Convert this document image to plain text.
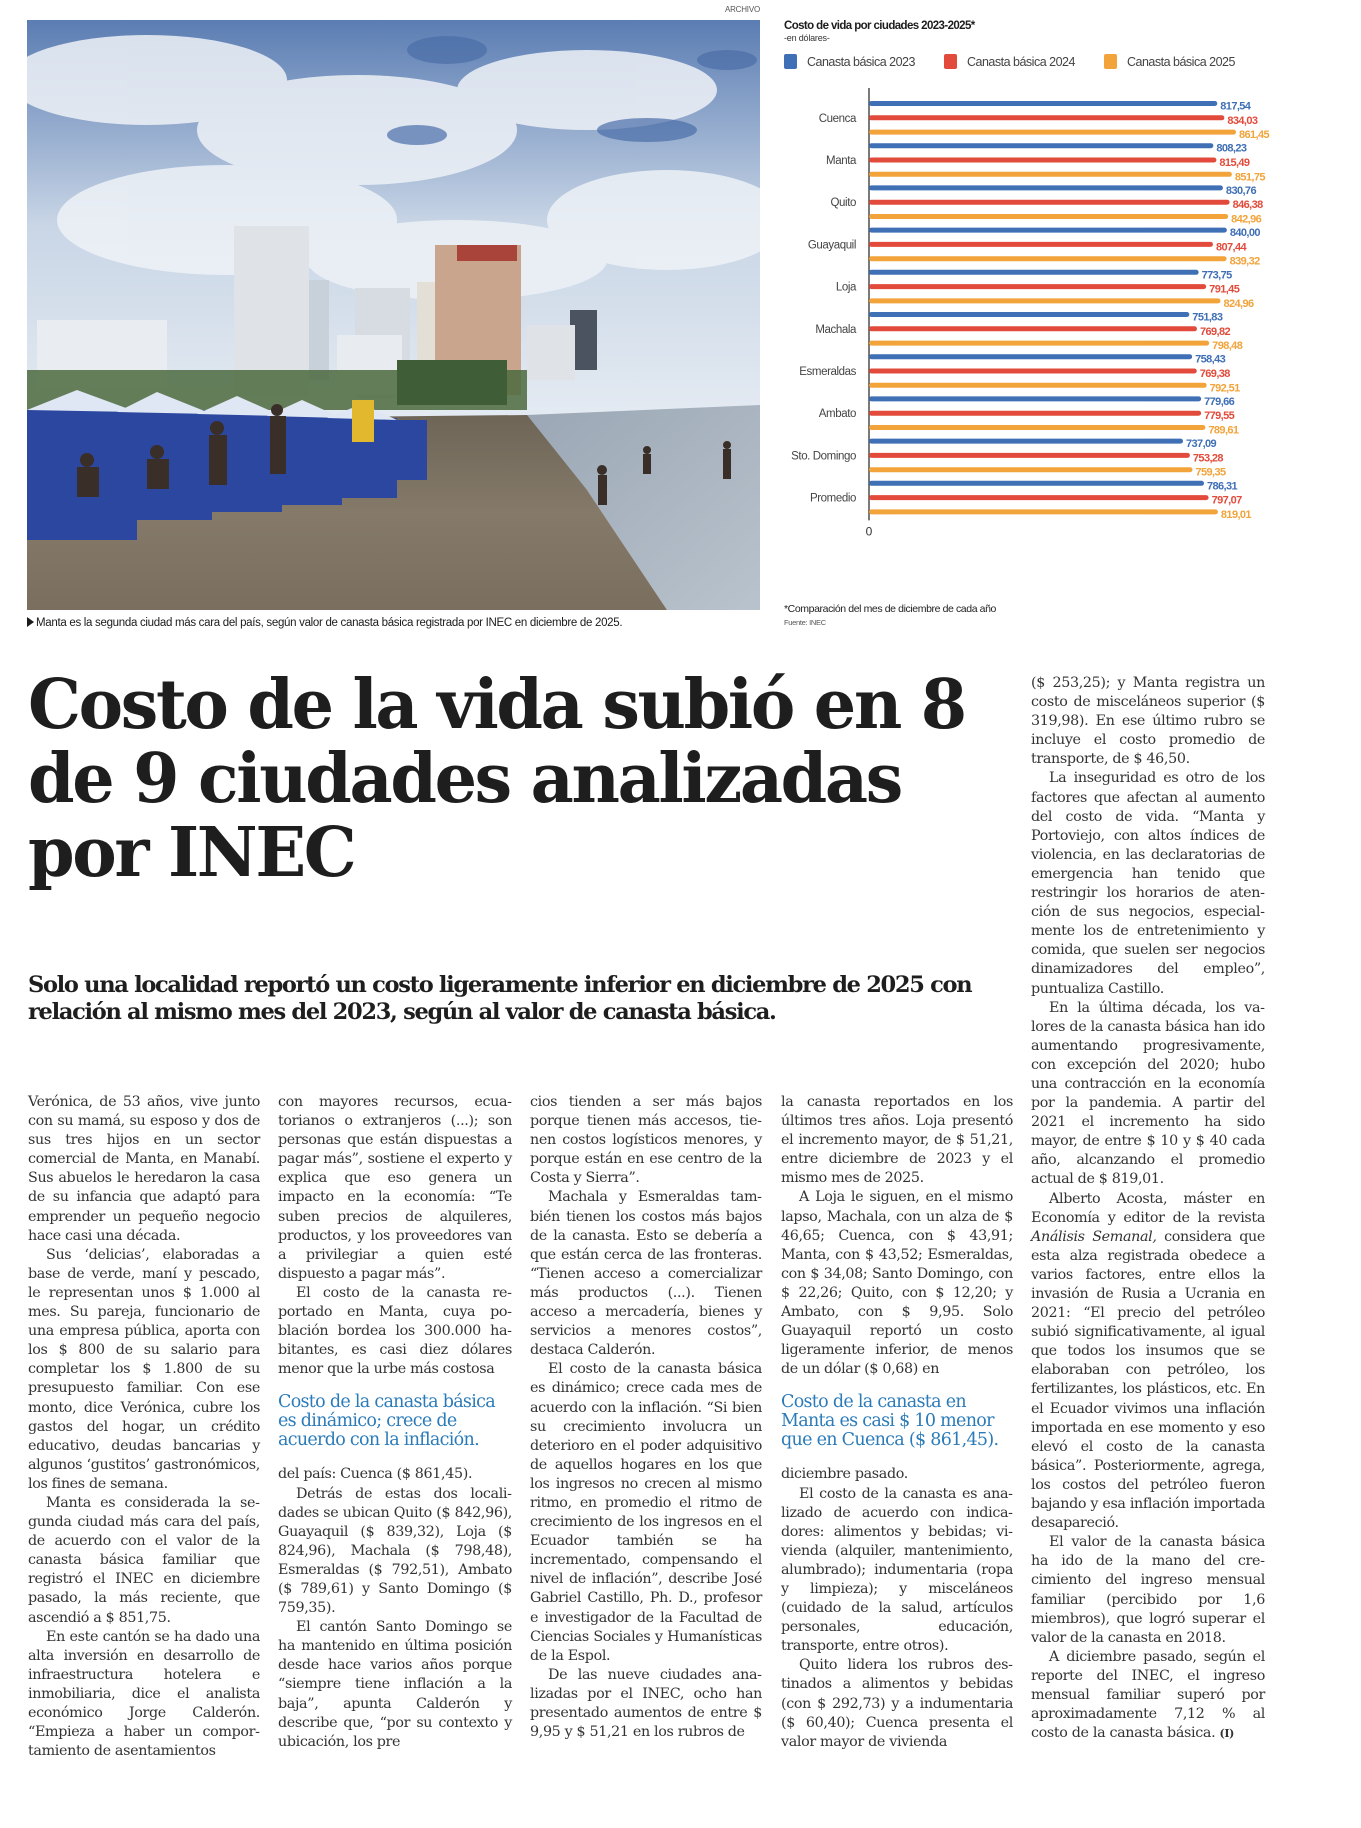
ARCHIVO
Manta es la segunda ciudad más cara del país, según valor de canasta básica registrada por INEC en diciembre de 2025.
Costo de vida por ciudades 2023-2025*
-en dólares-
Canasta básica 2023	Canasta básica 2024	Canasta básica 2025
0
Cuenca
817,54
834,03
861,45
Manta
808,23
815,49
851,75
Quito
830,76
846,38
842,96
Guayaquil
840,00
807,44
839,32
Loja
773,75
791,45
824,96
Machala
751,83
769,82
798,48
Esmeraldas
758,43
769,38
792,51
Ambato
779,66
779,55
789,61
Sto. Domingo
737,09
753,28
759,35
Promedio
786,31
797,07
819,01
*Comparación del mes de diciembre de cada año
Fuente: INEC
Costo de la vida subió en 8 de 9 ciudades analizadas por INEC
Solo una localidad reportó un costo ligeramente inferior en diciembre de 2025 con relación al mismo mes del 2023, según al valor de canasta básica.

Verónica, de 53 años, vive junto con su mamá, su esposo y dos de sus tres hijos en un sector comercial de Manta, en Manabí. Sus abuelos le heredaron la casa de su infancia que adaptó para emprender un pequeño negocio hace casi una década.

Sus ‘delicias’, elaboradas a base de verde, maní y pescado, le representan unos $ 1.000 al mes. Su pareja, funcionario de una empresa pública, aporta con los $ 800 de su salario para completar los $ 1.800 de su presupuesto familiar. Con ese monto, dice Verónica, cubre los gastos del hogar, un crédito educativo, deudas bancarias y algunos ‘gustitos’ gastronómicos, los fines de semana.

Manta es considerada la segunda ciudad más cara del país, de acuerdo con el valor de la canasta básica familiar que registró el INEC en diciembre pasado, la más reciente, que ascendió a $ 851,75.

En este cantón se ha dado una alta inversión en desarrollo de infraestructura hotelera e inmobiliaria, dice el analista económico Jorge Calderón. “Empieza a haber un comportamiento de asentamientos

con mayores recursos, ecuatorianos o extranjeros (...); son personas que están dispuestas a pagar más”, sostiene el experto y explica que eso genera un impacto en la economía: “Te suben precios de alquileres, productos, y los proveedores van a privilegiar a quien esté dispuesto a pagar más”.

El costo de la canasta reportado en Manta, cuya población bordea los 300.000 habitantes, es casi diez dólares menor que la urbe más costosa

Costo de la canasta básica es dinámico; crece de acuerdo con la inflación.

del país: Cuenca ($ 861,45).

Detrás de estas dos localidades se ubican Quito ($ 842,96), Guayaquil ($ 839,32), Loja ($ 824,96), Machala ($ 798,48), Esmeraldas ($ 792,51), Ambato ($ 789,61) y Santo Domingo ($ 759,35).

El cantón Santo Domingo se ha mantenido en última posición desde hace varios años porque “siempre tiene inflación a la baja”, apunta Calderón y describe que, “por su contexto y ubicación, los pre

cios tienden a ser más bajos porque tienen más accesos, tienen costos logísticos menores, y porque están en ese centro de la Costa y Sierra”.

Machala y Esmeraldas también tienen los costos más bajos de la canasta. Esto se debería a que están cerca de las fronteras. “Tienen acceso a comercializar más productos (...). Tienen acceso a mercadería, bienes y servicios a menores costos”, destaca Calderón.

El costo de la canasta básica es dinámico; crece cada mes de acuerdo con la inflación. “Si bien su crecimiento involucra un deterioro en el poder adquisitivo de aquellos hogares en los que los ingresos no crecen al mismo ritmo, en promedio el ritmo de crecimiento de los ingresos en el Ecuador también se ha incrementado, compensando el nivel de inflación”, describe José Gabriel Castillo, Ph. D., profesor e investigador de la Facultad de Ciencias Sociales y Humanísticas de la Espol.

De las nueve ciudades analizadas por el INEC, ocho han presentado aumentos de entre $ 9,95 y $ 51,21 en los rubros de

la canasta reportados en los últimos tres años. Loja presentó el incremento mayor, de $ 51,21, entre diciembre de 2023 y el mismo mes de 2025.

A Loja le siguen, en el mismo lapso, Machala, con un alza de $ 46,65; Cuenca, con $ 43,91; Manta, con $ 43,52; Esmeraldas, con $ 34,08; Santo Domingo, con $ 22,26; Quito, con $ 12,20; y Ambato, con $ 9,95. Solo Guayaquil reportó un costo ligeramente inferior, de menos de un dólar ($ 0,68) en

Costo de la canasta en Manta es casi $ 10 menor que en Cuenca ($ 861,45).

diciembre pasado.

El costo de la canasta es analizado de acuerdo con indicadores: alimentos y bebidas; vivienda (alquiler, mantenimiento, alumbrado); indumentaria (ropa y limpieza); y misceláneos (cuidado de la salud, artículos personales, educación, transporte, entre otros).

Quito lidera los rubros destinados a alimentos y bebidas (con $ 292,73) y a indumentaria ($ 60,40); Cuenca presenta el valor mayor de vivienda

($ 253,25); y Manta registra un costo de misceláneos superior ($ 319,98). En ese último rubro se incluye el costo promedio de transporte, de $ 46,50.

La inseguridad es otro de los factores que afectan al aumento del costo de vida. “Manta y Portoviejo, con altos índices de violencia, en las declaratorias de emergencia han tenido que restringir los horarios de atención de sus negocios, especialmente los de entretenimiento y comida, que suelen ser negocios dinamizadores del empleo”, puntualiza Castillo.

En la última década, los valores de la canasta básica han ido aumentando progresivamente, con excepción del 2020; hubo una contracción en la economía por la pandemia. A partir del 2021 el incremento ha sido mayor, de entre $ 10 y $ 40 cada año, alcanzando el promedio actual de $ 819,01.

Alberto Acosta, máster en Economía y editor de la revista Análisis Semanal, considera que esta alza registrada obedece a varios factores, entre ellos la invasión de Rusia a Ucrania en 2021: “El precio del petróleo subió significativamente, al igual que todos los insumos que se elaboraban con petróleo, los fertilizantes, los plásticos, etc. En el Ecuador vivimos una inflación importada en ese momento y eso elevó el costo de la canasta básica”. Posteriormente, agrega, los costos del petróleo fueron bajando y esa inflación importada desapareció.

El valor de la canasta básica ha ido de la mano del crecimiento del ingreso mensual familiar (percibido por 1,6 miembros), que logró superar el valor de la canasta en 2018.

A diciembre pasado, según el reporte del INEC, el ingreso mensual familiar superó por aproximadamente 7,12 % al costo de la canasta básica. (I)
